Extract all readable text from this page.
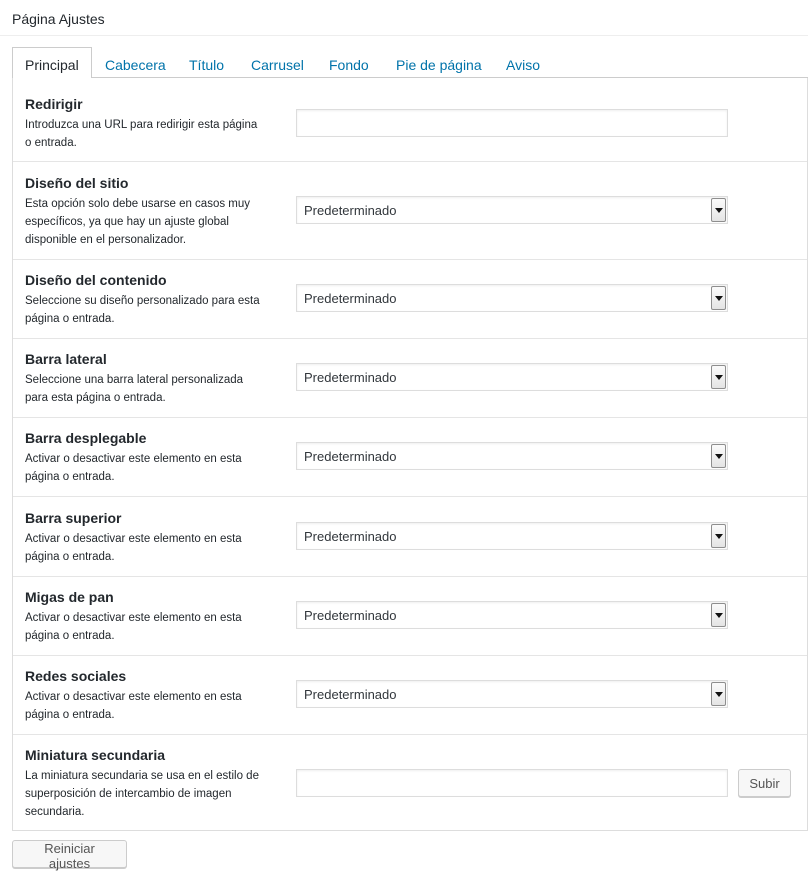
Página Ajustes
Principal	Cabecera Título Carrusel Fondo Pie de página Aviso
Redirigir

Introduzca una URL para redirigir esta página o entrada.

Diseño del sitio

Esta opción solo debe usarse en casos muy específicos, ya que hay un ajuste global disponible en el personalizador.

Predeterminado
Diseño del contenido

Seleccione su diseño personalizado para esta página o entrada.

Predeterminado
Barra lateral

Seleccione una barra lateral personalizada para esta página o entrada.

Predeterminado
Barra desplegable

Activar o desactivar este elemento en esta página o entrada.

Predeterminado
Barra superior

Activar o desactivar este elemento en esta página o entrada.

Predeterminado
Migas de pan

Activar o desactivar este elemento en esta página o entrada.

Predeterminado
Redes sociales

Activar o desactivar este elemento en esta página o entrada.

Predeterminado
Miniatura secundaria

La miniatura secundaria se usa en el estilo de superposición de intercambio de imagen secundaria.

Subir
Reiniciar ajustes
